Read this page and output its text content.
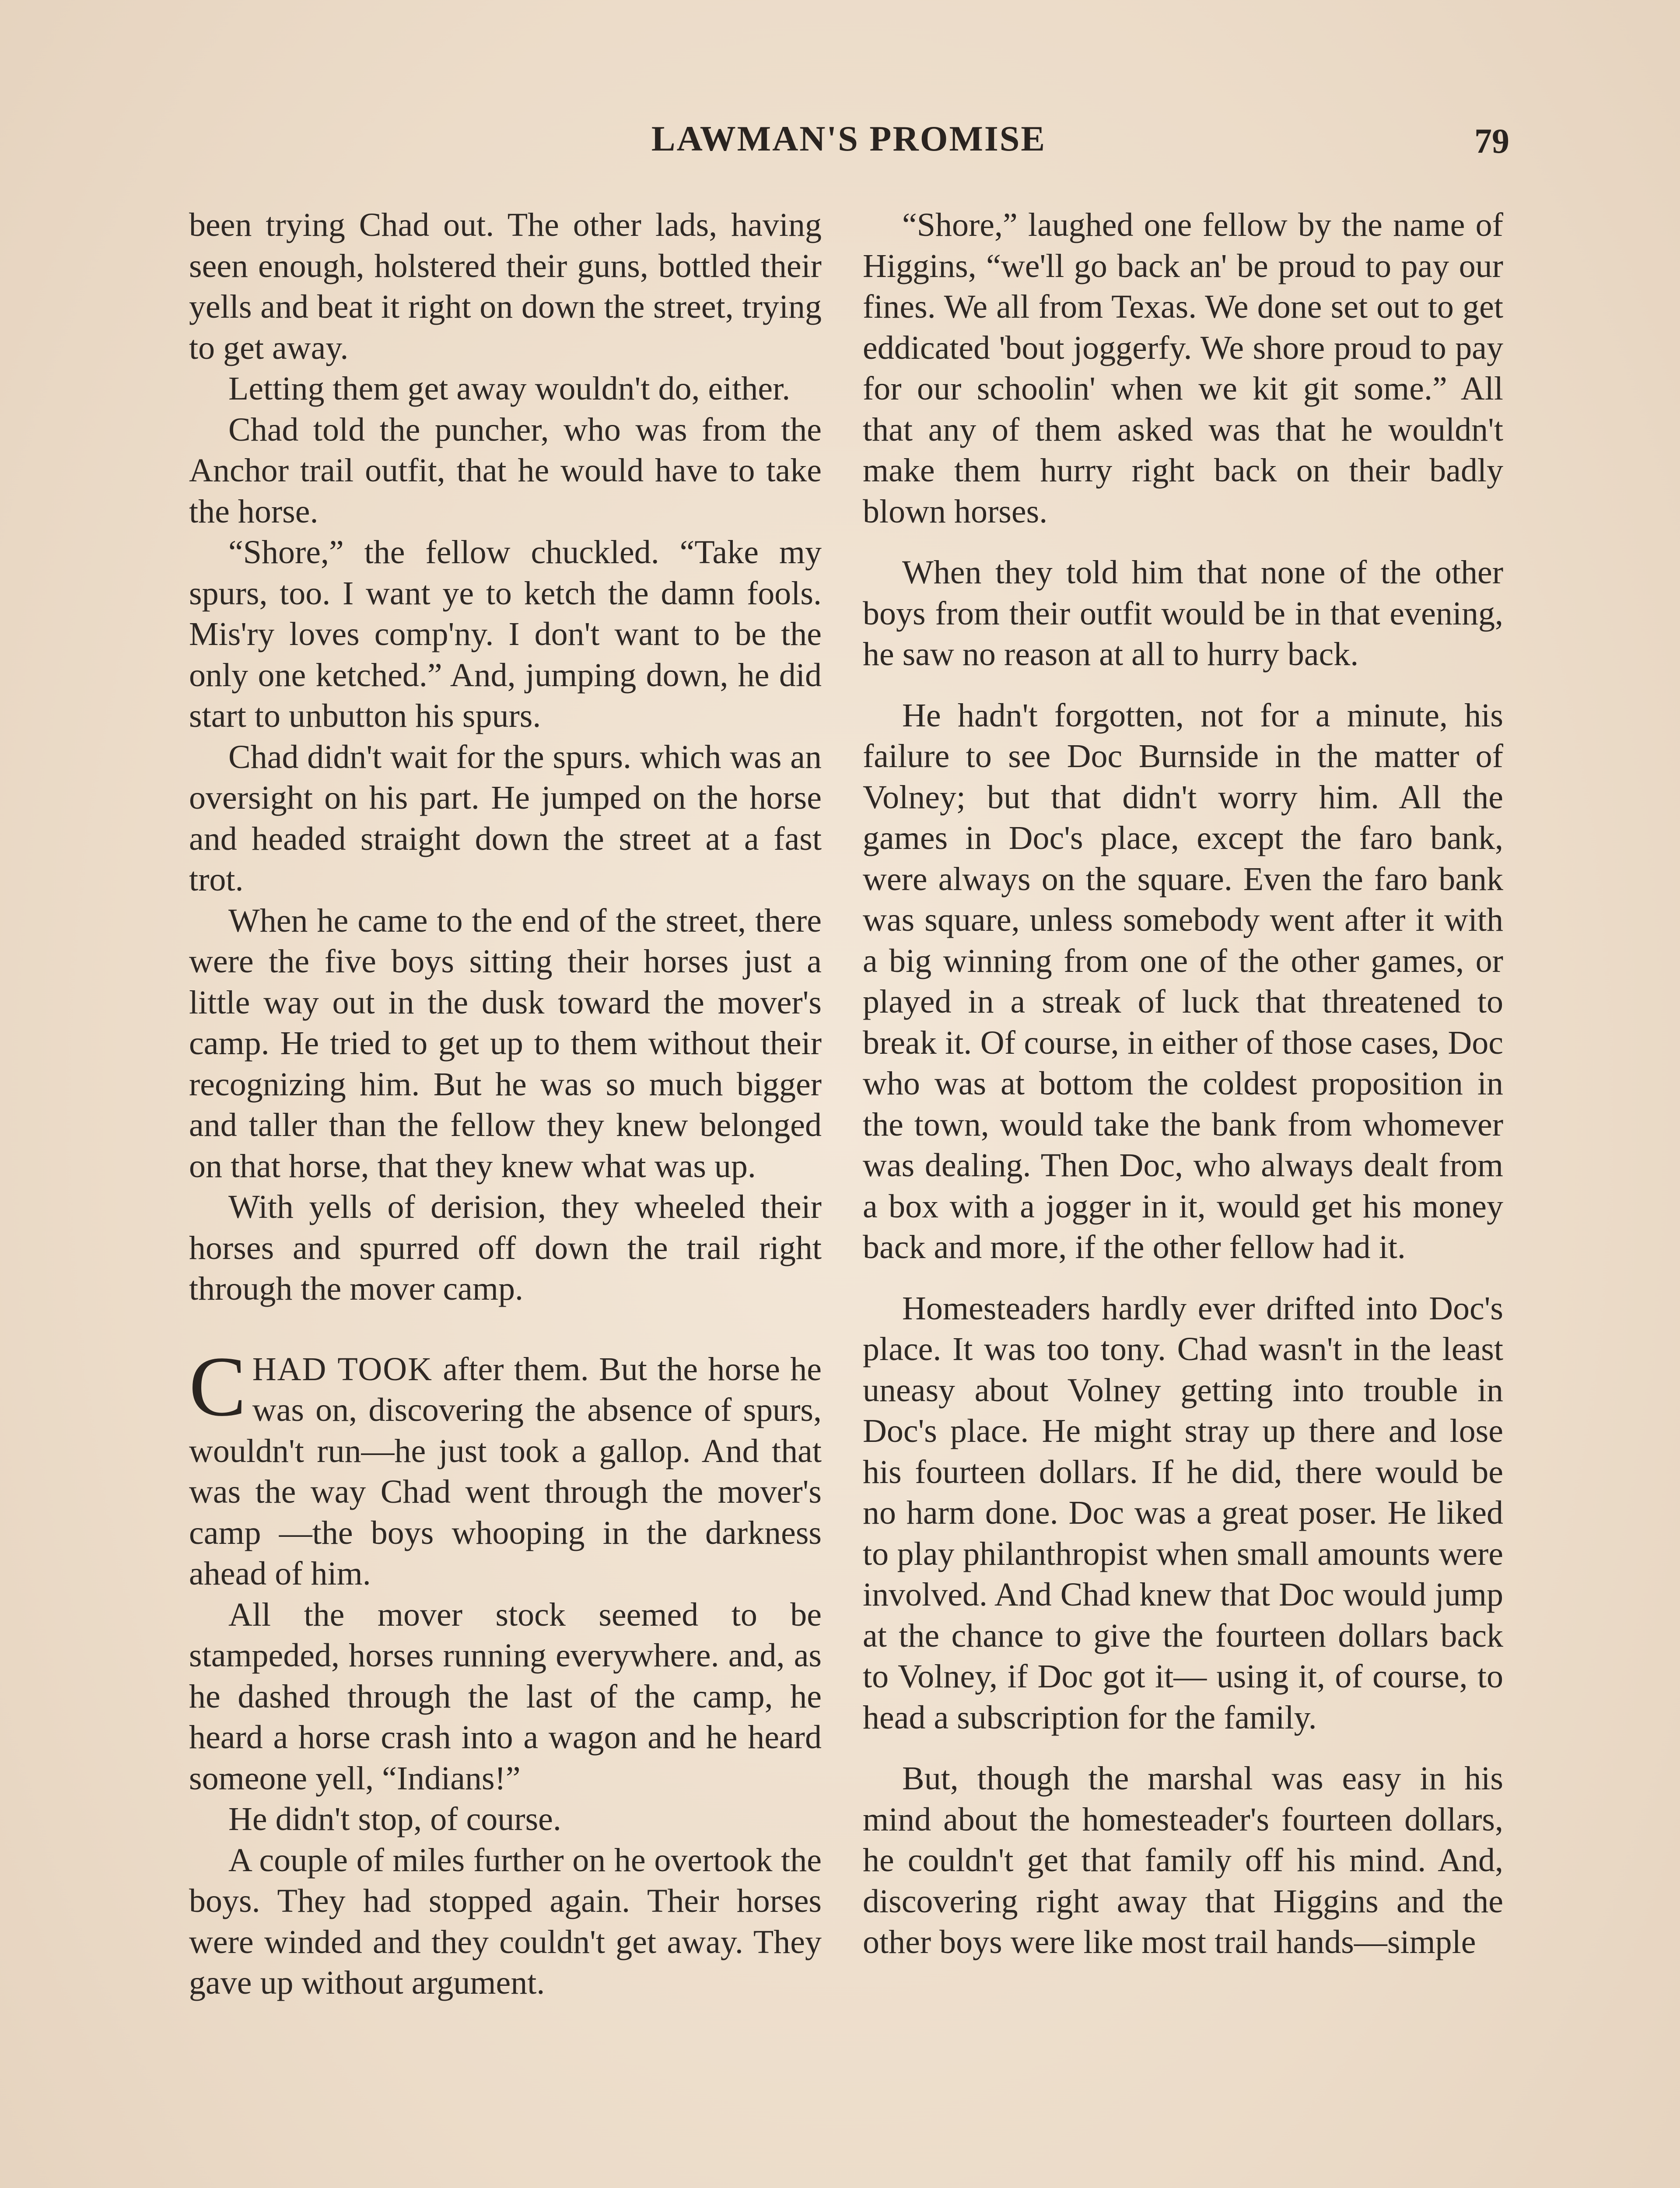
LAWMAN'S PROMISE	79

been trying Chad out. The other lads, having seen enough, holstered their guns, bottled their yells and beat it right on down the street, trying to get away.

Letting them get away wouldn't do, either.

Chad told the puncher, who was from the Anchor trail outfit, that he would have to take the horse.

“Shore,” the fellow chuckled. “Take my spurs, too. I want ye to ketch the damn fools. Mis'ry loves comp'ny. I don't want to be the only one ketched.” And, jumping down, he did start to unbutton his spurs.

Chad didn't wait for the spurs. which was an oversight on his part. He jumped on the horse and headed straight down the street at a fast trot.

When he came to the end of the street, there were the five boys sitting their horses just a little way out in the dusk toward the mover's camp. He tried to get up to them without their recognizing him. But he was so much bigger and taller than the fellow they knew belonged on that horse, that they knew what was up.

With yells of derision, they wheeled their horses and spurred off down the trail right through the mover camp.

CHAD TOOK after them. But the horse he was on, discovering the absence of spurs, wouldn't run—he just took a gallop. And that was the way Chad went through the mover's camp —the boys whooping in the darkness ahead of him.

All the mover stock seemed to be stampeded, horses running everywhere. and, as he dashed through the last of the camp, he heard a horse crash into a wagon and he heard someone yell, “Indians!”

He didn't stop, of course.

A couple of miles further on he overtook the boys. They had stopped again. Their horses were winded and they couldn't get away. They gave up without argument.

“Shore,” laughed one fellow by the name of Higgins, “we'll go back an' be proud to pay our fines. We all from Texas. We done set out to get eddicated 'bout joggerfy. We shore proud to pay for our schoolin' when we kit git some.” All that any of them asked was that he wouldn't make them hurry right back on their badly blown horses.

When they told him that none of the other boys from their outfit would be in that evening, he saw no reason at all to hurry back.

He hadn't forgotten, not for a minute, his failure to see Doc Burnside in the matter of Volney; but that didn't worry him. All the games in Doc's place, except the faro bank, were always on the square. Even the faro bank was square, unless somebody went after it with a big winning from one of the other games, or played in a streak of luck that threatened to break it. Of course, in either of those cases, Doc who was at bottom the coldest proposition in the town, would take the bank from whomever was dealing. Then Doc, who always dealt from a box with a jogger in it, would get his money back and more, if the other fellow had it.

Homesteaders hardly ever drifted into Doc's place. It was too tony. Chad wasn't in the least uneasy about Volney getting into trouble in Doc's place. He might stray up there and lose his fourteen dollars. If he did, there would be no harm done. Doc was a great poser. He liked to play philanthropist when small amounts were involved. And Chad knew that Doc would jump at the chance to give the fourteen dollars back to Volney, if Doc got it— using it, of course, to head a subscription for the family.

But, though the marshal was easy in his mind about the homesteader's fourteen dollars, he couldn't get that family off his mind. And, discovering right away that Higgins and the other boys were like most trail hands—simple
